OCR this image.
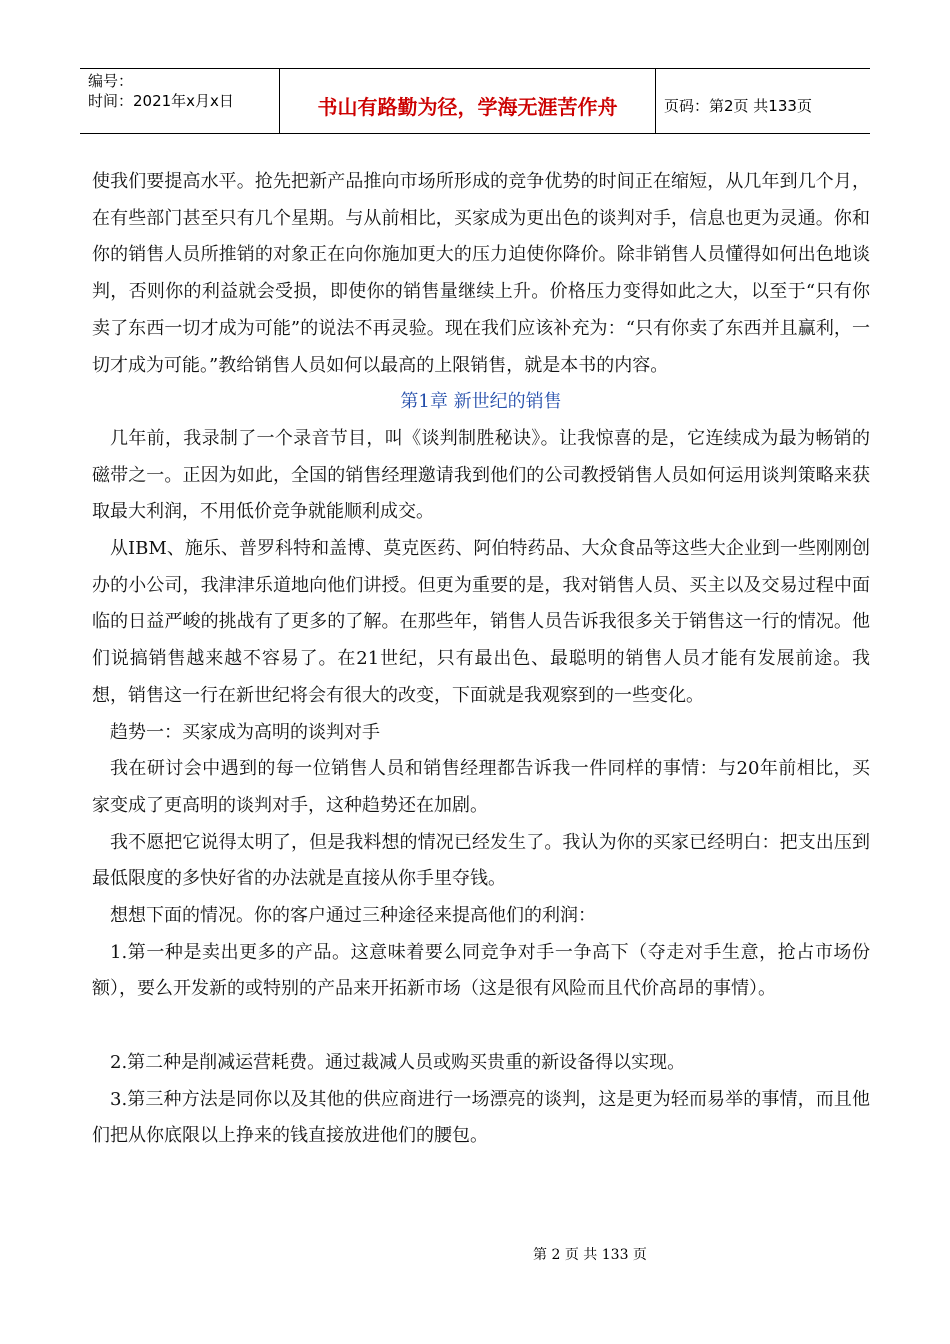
编号：
时间：2021年x月x日	书山有路勤为径，学海无涯苦作舟	页码：第2页 共133页

使我们要提高水平。抢先把新产品推向市场所形成的竞争优势的时间正在缩短，从几年到几个月，在有些部门甚至只有几个星期。与从前相比，买家成为更出色的谈判对手，信息也更为灵通。你和你的销售人员所推销的对象正在向你施加更大的压力迫使你降价。除非销售人员懂得如何出色地谈判，否则你的利益就会受损，即使你的销售量继续上升。价格压力变得如此之大，以至于“只有你卖了东西一切才成为可能”的说法不再灵验。现在我们应该补充为：“只有你卖了东西并且赢利，一切才成为可能。”教给销售人员如何以最高的上限销售，就是本书的内容。

第1章 新世纪的销售

几年前，我录制了一个录音节目，叫《谈判制胜秘诀》。让我惊喜的是，它连续成为最为畅销的磁带之一。正因为如此，全国的销售经理邀请我到他们的公司教授销售人员如何运用谈判策略来获取最大利润，不用低价竞争就能顺利成交。

从IBM、施乐、普罗科特和盖博、莫克医药、阿伯特药品、大众食品等这些大企业到一些刚刚创办的小公司，我津津乐道地向他们讲授。但更为重要的是，我对销售人员、买主以及交易过程中面临的日益严峻的挑战有了更多的了解。在那些年，销售人员告诉我很多关于销售这一行的情况。他们说搞销售越来越不容易了。在21世纪，只有最出色、最聪明的销售人员才能有发展前途。我想，销售这一行在新世纪将会有很大的改变，下面就是我观察到的一些变化。

趋势一：买家成为高明的谈判对手

我在研讨会中遇到的每一位销售人员和销售经理都告诉我一件同样的事情：与20年前相比，买家变成了更高明的谈判对手，这种趋势还在加剧。

我不愿把它说得太明了，但是我料想的情况已经发生了。我认为你的买家已经明白：把支出压到最低限度的多快好省的办法就是直接从你手里夺钱。

想想下面的情况。你的客户通过三种途径来提高他们的利润：

1.第一种是卖出更多的产品。这意味着要么同竞争对手一争高下（夺走对手生意，抢占市场份额），要么开发新的或特别的产品来开拓新市场（这是很有风险而且代价高昂的事情）。

2.第二种是削减运营耗费。通过裁减人员或购买贵重的新设备得以实现。

3.第三种方法是同你以及其他的供应商进行一场漂亮的谈判，这是更为轻而易举的事情，而且他们把从你底限以上挣来的钱直接放进他们的腰包。

第 2 页 共 133 页
